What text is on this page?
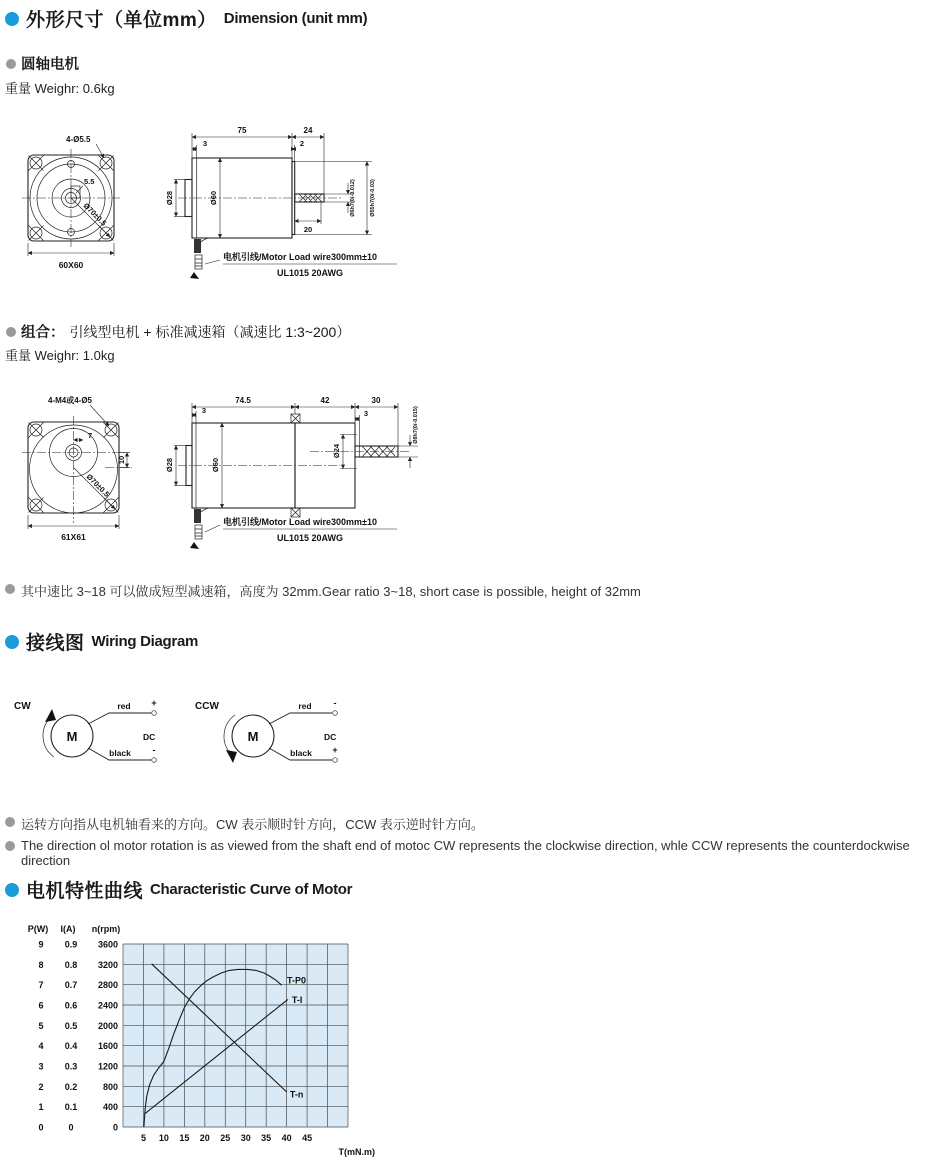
外形尺寸（单位mm） Dimension (unit mm)
圆轴电机
重量 Weighr: 0.6kg
Ø70±0.5
4-Ø5.5
5.5
60X60
75	24
3	2
Ø28	Ø60	Ø6h7(0/-0.012)	Ø55h7(0/-0.03)
20
电机引线/Motor Load wire300mm±10
UL1015 20AWG
组合： 引线型电机 + 标准减速箱（减速比 1:3~200）
重量 Weighr: 1.0kg
7
10
4-M4或4-Ø5
Ø70±0.5
61X61
74.5	42	30
3	3
Ø28	Ø60
Ø24
Ø8h7(0/-0.015)
电机引线/Motor Load wire300mm±10
UL1015 20AWG
其中速比 3~18 可以做成短型减速箱，高度为 32mm.Gear ratio 3~18, short case is possible, height of 32mm
接线图 Wiring Diagram
CW
M
+
red
-
black
DC
CCW
M
-
red
+
black
DC
运转方向指从电机轴看来的方向。CW 表示顺时针方向，CCW 表示逆时针方向。
The direction ol motor rotation is as viewed from the shaft end of motoc CW represents the clockwise direction, whle CCW represents the counterdockwise direction
电机特性曲线 Characteristic Curve of Motor
P(W)
9
8
7
6
5
4
3
2
1
0
I(A)
0.9
0.8
0.7
0.6
0.5
0.4
0.3
0.2
0.1
0
n(rpm)
3600
3200
2800
2400
2000
1600
1200
800
400
0
5 10 15 20 25 30 35 40 45
T(mN.m)
T-P0
T-I
T-n
